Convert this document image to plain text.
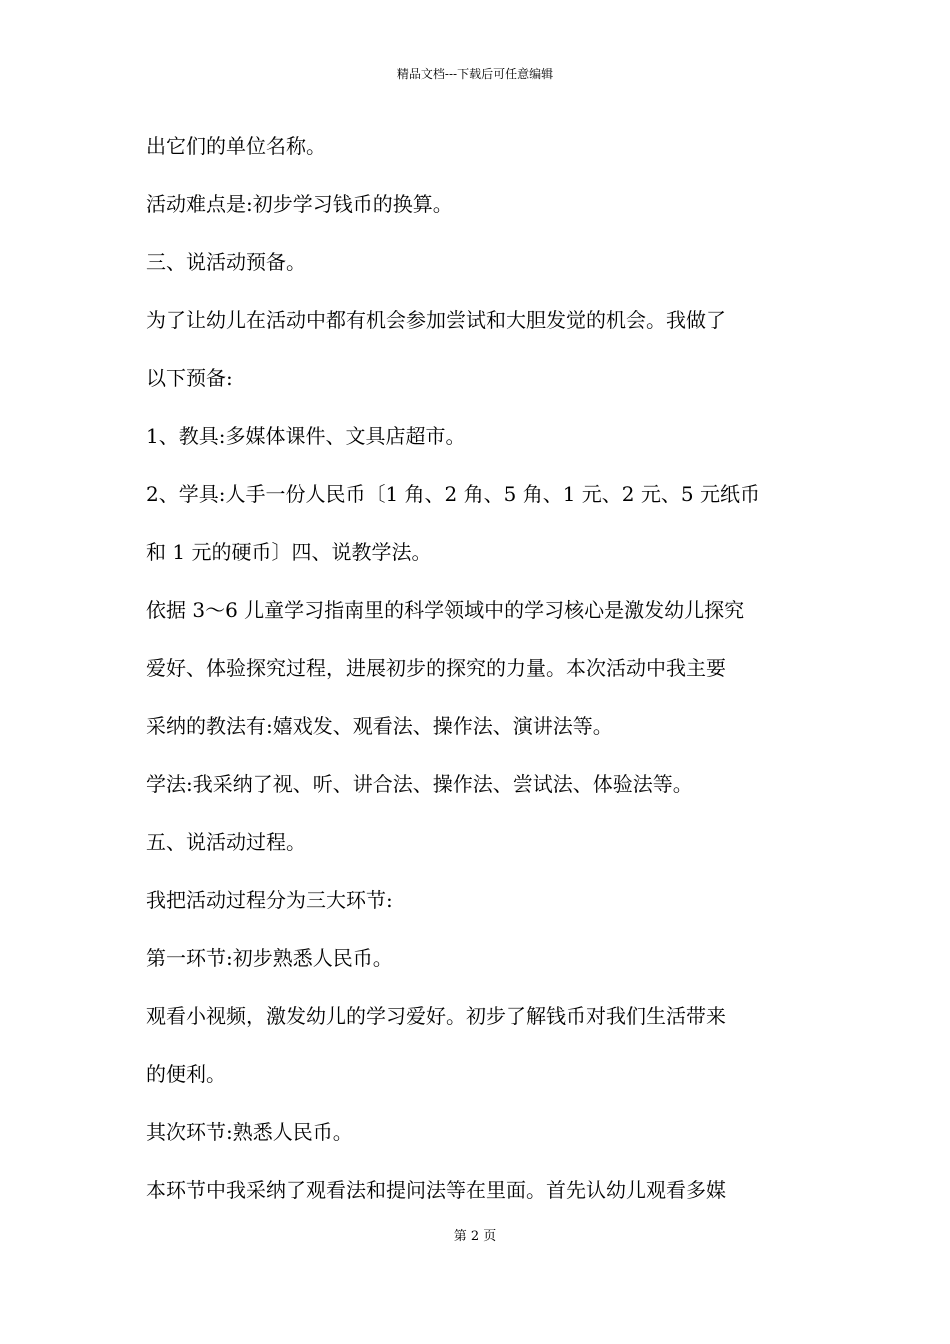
精品文档---下载后可任意编辑
出它们的单位名称。
活动难点是:初步学习钱币的换算。
三、说活动预备。
为了让幼儿在活动中都有机会参加尝试和大胆发觉的机会。我做了
以下预备:
1、教具:多媒体课件、文具店超市。
2、学具:人手一份人民币〔1 角、2 角、5 角、1 元、2 元、5 元纸币
和 1 元的硬币〕四、说教学法。
依据 3～6 儿童学习指南里的科学领域中的学习核心是激发幼儿探究
爱好、体验探究过程，进展初步的探究的力量。本次活动中我主要
采纳的教法有:嬉戏发、观看法、操作法、演讲法等。
学法:我采纳了视、听、讲合法、操作法、尝试法、体验法等。
五、说活动过程。
我把活动过程分为三大环节:
第一环节:初步熟悉人民币。
观看小视频，激发幼儿的学习爱好。初步了解钱币对我们生活带来
的便利。
其次环节:熟悉人民币。
本环节中我采纳了观看法和提问法等在里面。首先认幼儿观看多媒
第 2 页
